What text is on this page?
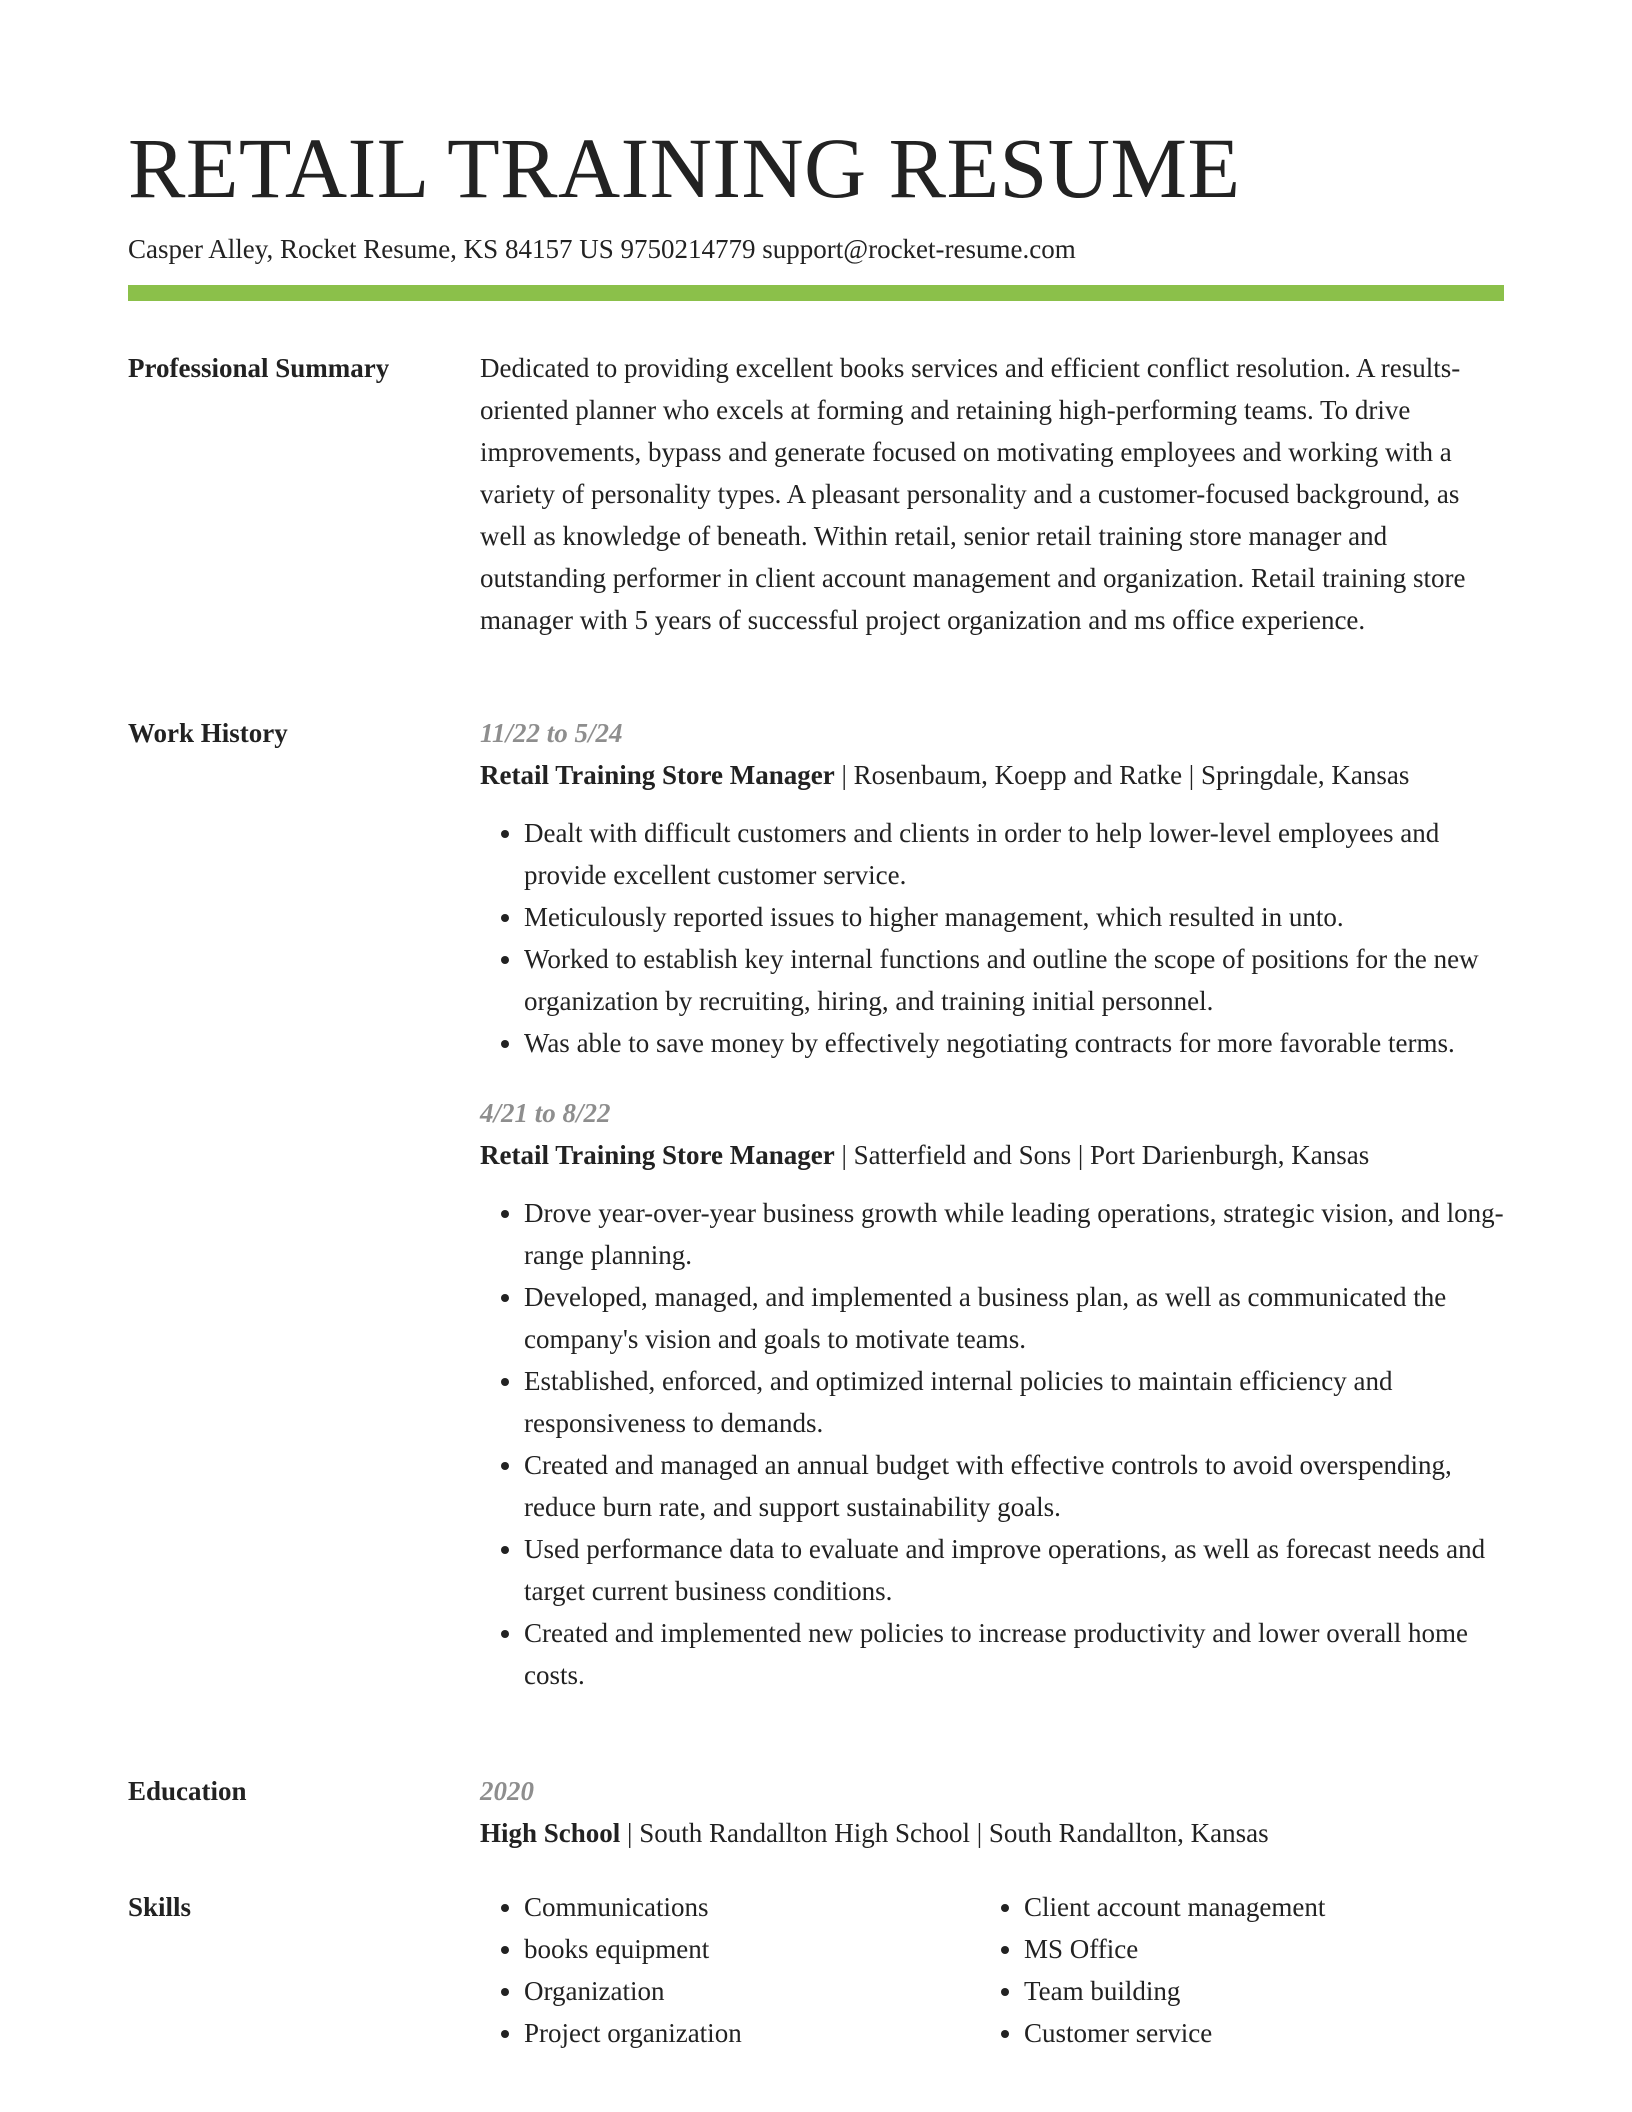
RETAIL TRAINING RESUME
Casper Alley, Rocket Resume, KS 84157 US 9750214779 support@rocket-resume.com
Professional Summary	Dedicated to providing excellent books services and efficient conflict resolution. A results-oriented planner who excels at forming and retaining high-performing teams. To drive improvements, bypass and generate focused on motivating employees and working with a variety of personality types. A pleasant personality and a customer-focused background, as well as knowledge of beneath. Within retail, senior retail training store manager and outstanding performer in client account management and organization. Retail training store manager with 5 years of successful project organization and ms office experience.

Work History	11/22 to 5/24
Retail Training Store Manager | Rosenbaum, Koepp and Ratke | Springdale, Kansas
• Dealt with difficult customers and clients in order to help lower-level employees and provide excellent customer service.
• Meticulously reported issues to higher management, which resulted in unto.
• Worked to establish key internal functions and outline the scope of positions for the new organization by recruiting, hiring, and training initial personnel.
• Was able to save money by effectively negotiating contracts for more favorable terms.
4/21 to 8/22
Retail Training Store Manager | Satterfield and Sons | Port Darienburgh, Kansas
• Drove year-over-year business growth while leading operations, strategic vision, and long-range planning.
• Developed, managed, and implemented a business plan, as well as communicated the company's vision and goals to motivate teams.
• Established, enforced, and optimized internal policies to maintain efficiency and responsiveness to demands.
• Created and managed an annual budget with effective controls to avoid overspending, reduce burn rate, and support sustainability goals.
• Used performance data to evaluate and improve operations, as well as forecast needs and target current business conditions.
• Created and implemented new policies to increase productivity and lower overall home costs.
Education	2020
High School | South Randallton High School | South Randallton, Kansas
Skills
•	Communications
• books equipment
• Organization
• Project organization
• Client account management
• MS Office
• Team building
• Customer service
